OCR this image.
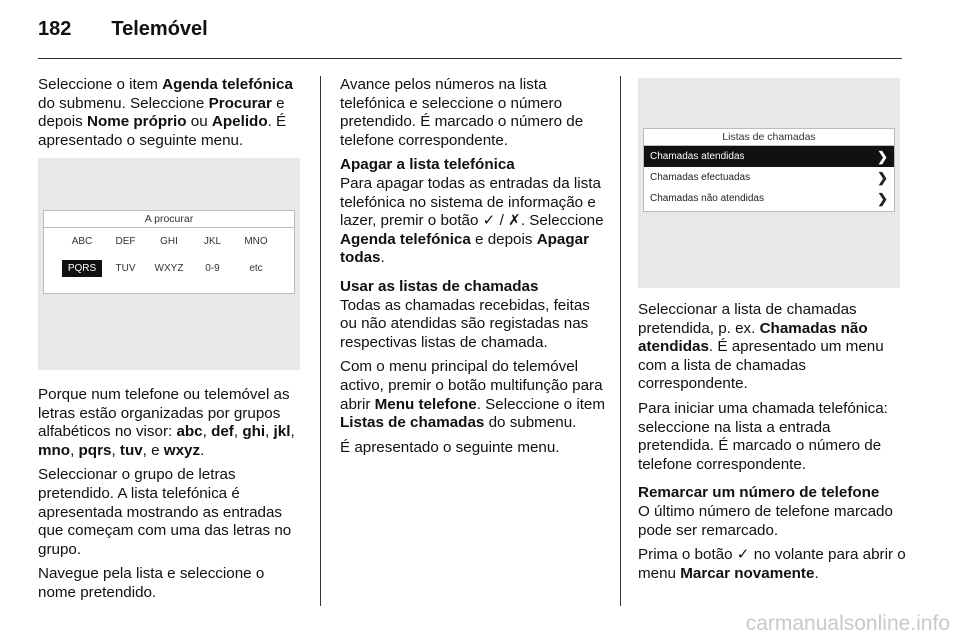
182 Telemóvel

Seleccione o item Agenda telefónica do submenu. Seleccione Procurar e depois Nome próprio ou Apelido. É apresentado o seguinte menu.

A procurar
ABC	DEF	GHI	JKL	MNO
PQRS	TUV	WXYZ	0-9	etc

Porque num telefone ou telemóvel as letras estão organizadas por grupos alfabéticos no visor: abc, def, ghi, jkl, mno, pqrs, tuv, e wxyz.

Seleccionar o grupo de letras pretendido. A lista telefónica é apresentada mostrando as entradas que começam com uma das letras no grupo.

Navegue pela lista e seleccione o nome pretendido.

Avance pelos números na lista telefónica e seleccione o número pretendido. É marcado o número de telefone correspondente.

Apagar a lista telefónica

Para apagar todas as entradas da lista telefónica no sistema de informação e lazer, premir o botão ✓ / ✗. Seleccione Agenda telefónica e depois Apagar todas.

Usar as listas de chamadas

Todas as chamadas recebidas, feitas ou não atendidas são registadas nas respectivas listas de chamada.

Com o menu principal do telemóvel activo, premir o botão multifunção para abrir Menu telefone. Seleccione o item Listas de chamadas do submenu.

É apresentado o seguinte menu.

Listas de chamadas
Chamadas atendidas	❯
Chamadas efectuadas	❯
Chamadas não atendidas	❯

Seleccionar a lista de chamadas pretendida, p. ex. Chamadas não atendidas. É apresentado um menu com a lista de chamadas correspondente.

Para iniciar uma chamada telefónica: seleccione na lista a entrada pretendida. É marcado o número de telefone correspondente.

Remarcar um número de telefone

O último número de telefone marcado pode ser remarcado.

Prima o botão ✓ no volante para abrir o menu Marcar novamente.

carmanualsonline.info
